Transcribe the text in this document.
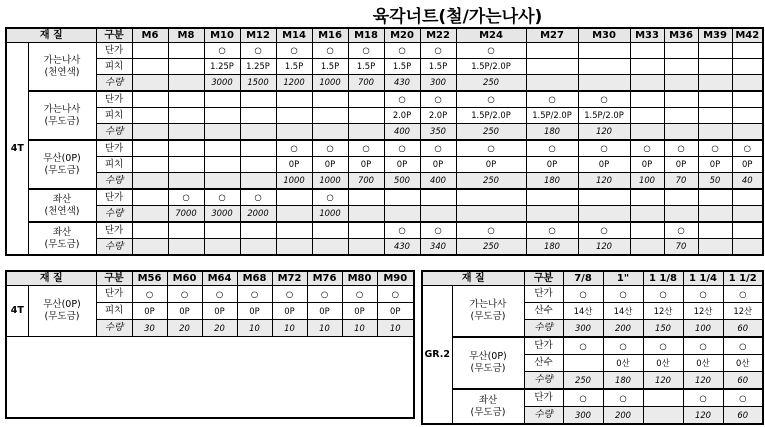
육각너트(철/가는나사)
재 질		구분	M6	M8	M10	M12	M14	M16	M18	M20	M22	M24	M27	M30	M33	M36	M39	M42
4T	가는나사
(천연색)	단가			○	○	○	○	○	○	○	○						
		피치			1.25P	1.25P	1.5P	1.5P	1.5P	1.5P	1.5P	1.5P/2.0P						
		수량			3000	1500	1200	1000	700	430	300	250						

	가는나사
(무도금)	단가								○	○	○	○	○				
		피치								2.0P	2.0P	1.5P/2.0P	1.5P/2.0P	1.5P/2.0P				
		수량								400	350	250	180	120				

	무산(0P)
(무도금)	단가					○	○	○	○	○	○	○	○	○	○	○	○
		피치					0P	0P	0P	0P	0P	0P	0P	0P	0P	0P	0P	0P
		수량					1000	1000	700	500	400	250	180	120	100	70	50	40

	좌산
(천연색)	단가		○	○	○		○										
		수량		7000	3000	2000		1000										

	좌산
(무도금)	단가								○	○	○	○	○		○		
		수량								430	340	250	180	120		70		
재 질		구분	M56	M60	M64	M68	M72	M76	M80	M90
4T	무산(0P)
(무도금)	단가	○	○	○	○	○	○	○	○
		피치	0P	0P	0P	0P	0P	0P	0P	0P
		수량	30	20	20	10	10	10	10	10

재 질		구분	7/8	1"	1 1/8	1 1/4	1 1/2
GR.2	가는나사
(무도금)	단가	○	○	○	○	○
		산수	14산	14산	12산	12산	12산
		수량	300	200	150	100	60

	무산(0P)
(무도금)	단가	○	○	○	○	○
		산수		0산	0산	0산	0산
		수량	250	180	120	120	60

	좌산
(무도금)	단가	○	○		○	○
		수량	300	200		120	60
